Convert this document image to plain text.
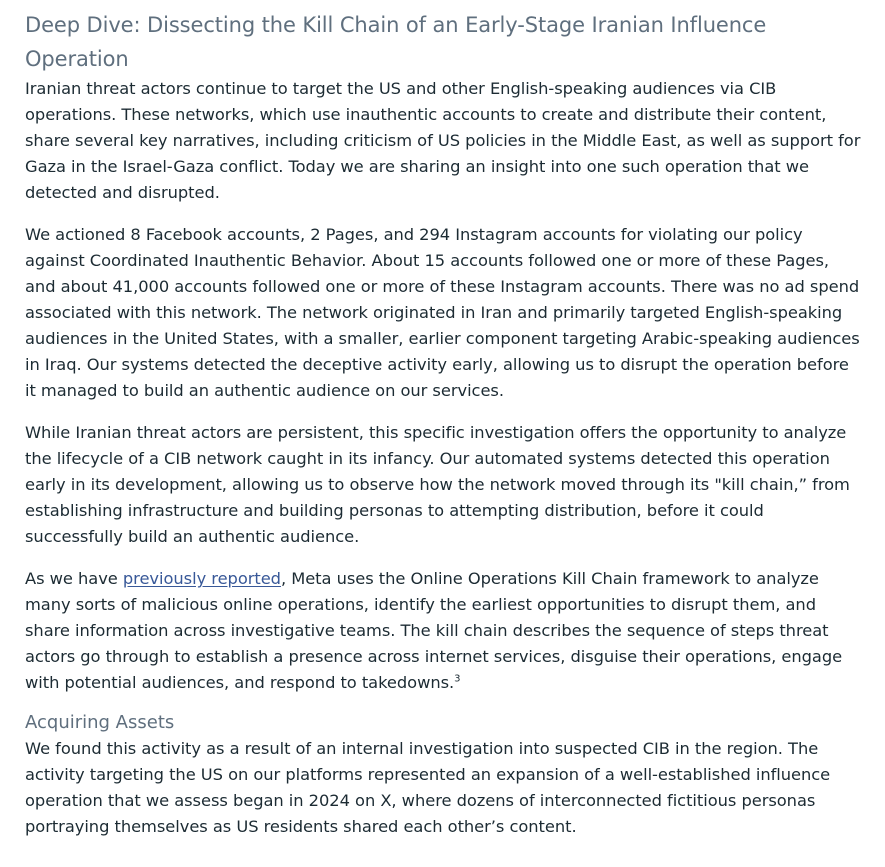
Deep Dive: Dissecting the Kill Chain of an Early-Stage Iranian Influence Operation

Iranian threat actors continue to target the US and other English-speaking audiences via CIB operations. These networks, which use inauthentic accounts to create and distribute their content, share several key narratives, including criticism of US policies in the Middle East, as well as support for Gaza in the Israel-Gaza conflict. Today we are sharing an insight into one such operation that we detected and disrupted.

We actioned 8 Facebook accounts, 2 Pages, and 294 Instagram accounts for violating our policy against Coordinated Inauthentic Behavior. About 15 accounts followed one or more of these Pages, and about 41,000 accounts followed one or more of these Instagram accounts. There was no ad spend associated with this network. The network originated in Iran and primarily targeted English-speaking audiences in the United States, with a smaller, earlier component targeting Arabic-speaking audiences in Iraq. Our systems detected the deceptive activity early, allowing us to disrupt the operation before it managed to build an authentic audience on our services.

While Iranian threat actors are persistent, this specific investigation offers the opportunity to analyze the lifecycle of a CIB network caught in its infancy. Our automated systems detected this operation early in its development, allowing us to observe how the network moved through its "kill chain,” from establishing infrastructure and building personas to attempting distribution, before it could successfully build an authentic audience.

As we have previously reported, Meta uses the Online Operations Kill Chain framework to analyze many sorts of malicious online operations, identify the earliest opportunities to disrupt them, and share information across investigative teams. The kill chain describes the sequence of steps threat actors go through to establish a presence across internet services, disguise their operations, engage with potential audiences, and respond to takedowns.$^3$

Acquiring Assets

We found this activity as a result of an internal investigation into suspected CIB in the region. The activity targeting the US on our platforms represented an expansion of a well-established influence operation that we assess began in 2024 on X, where dozens of interconnected fictitious personas portraying themselves as US residents shared each other’s content.
